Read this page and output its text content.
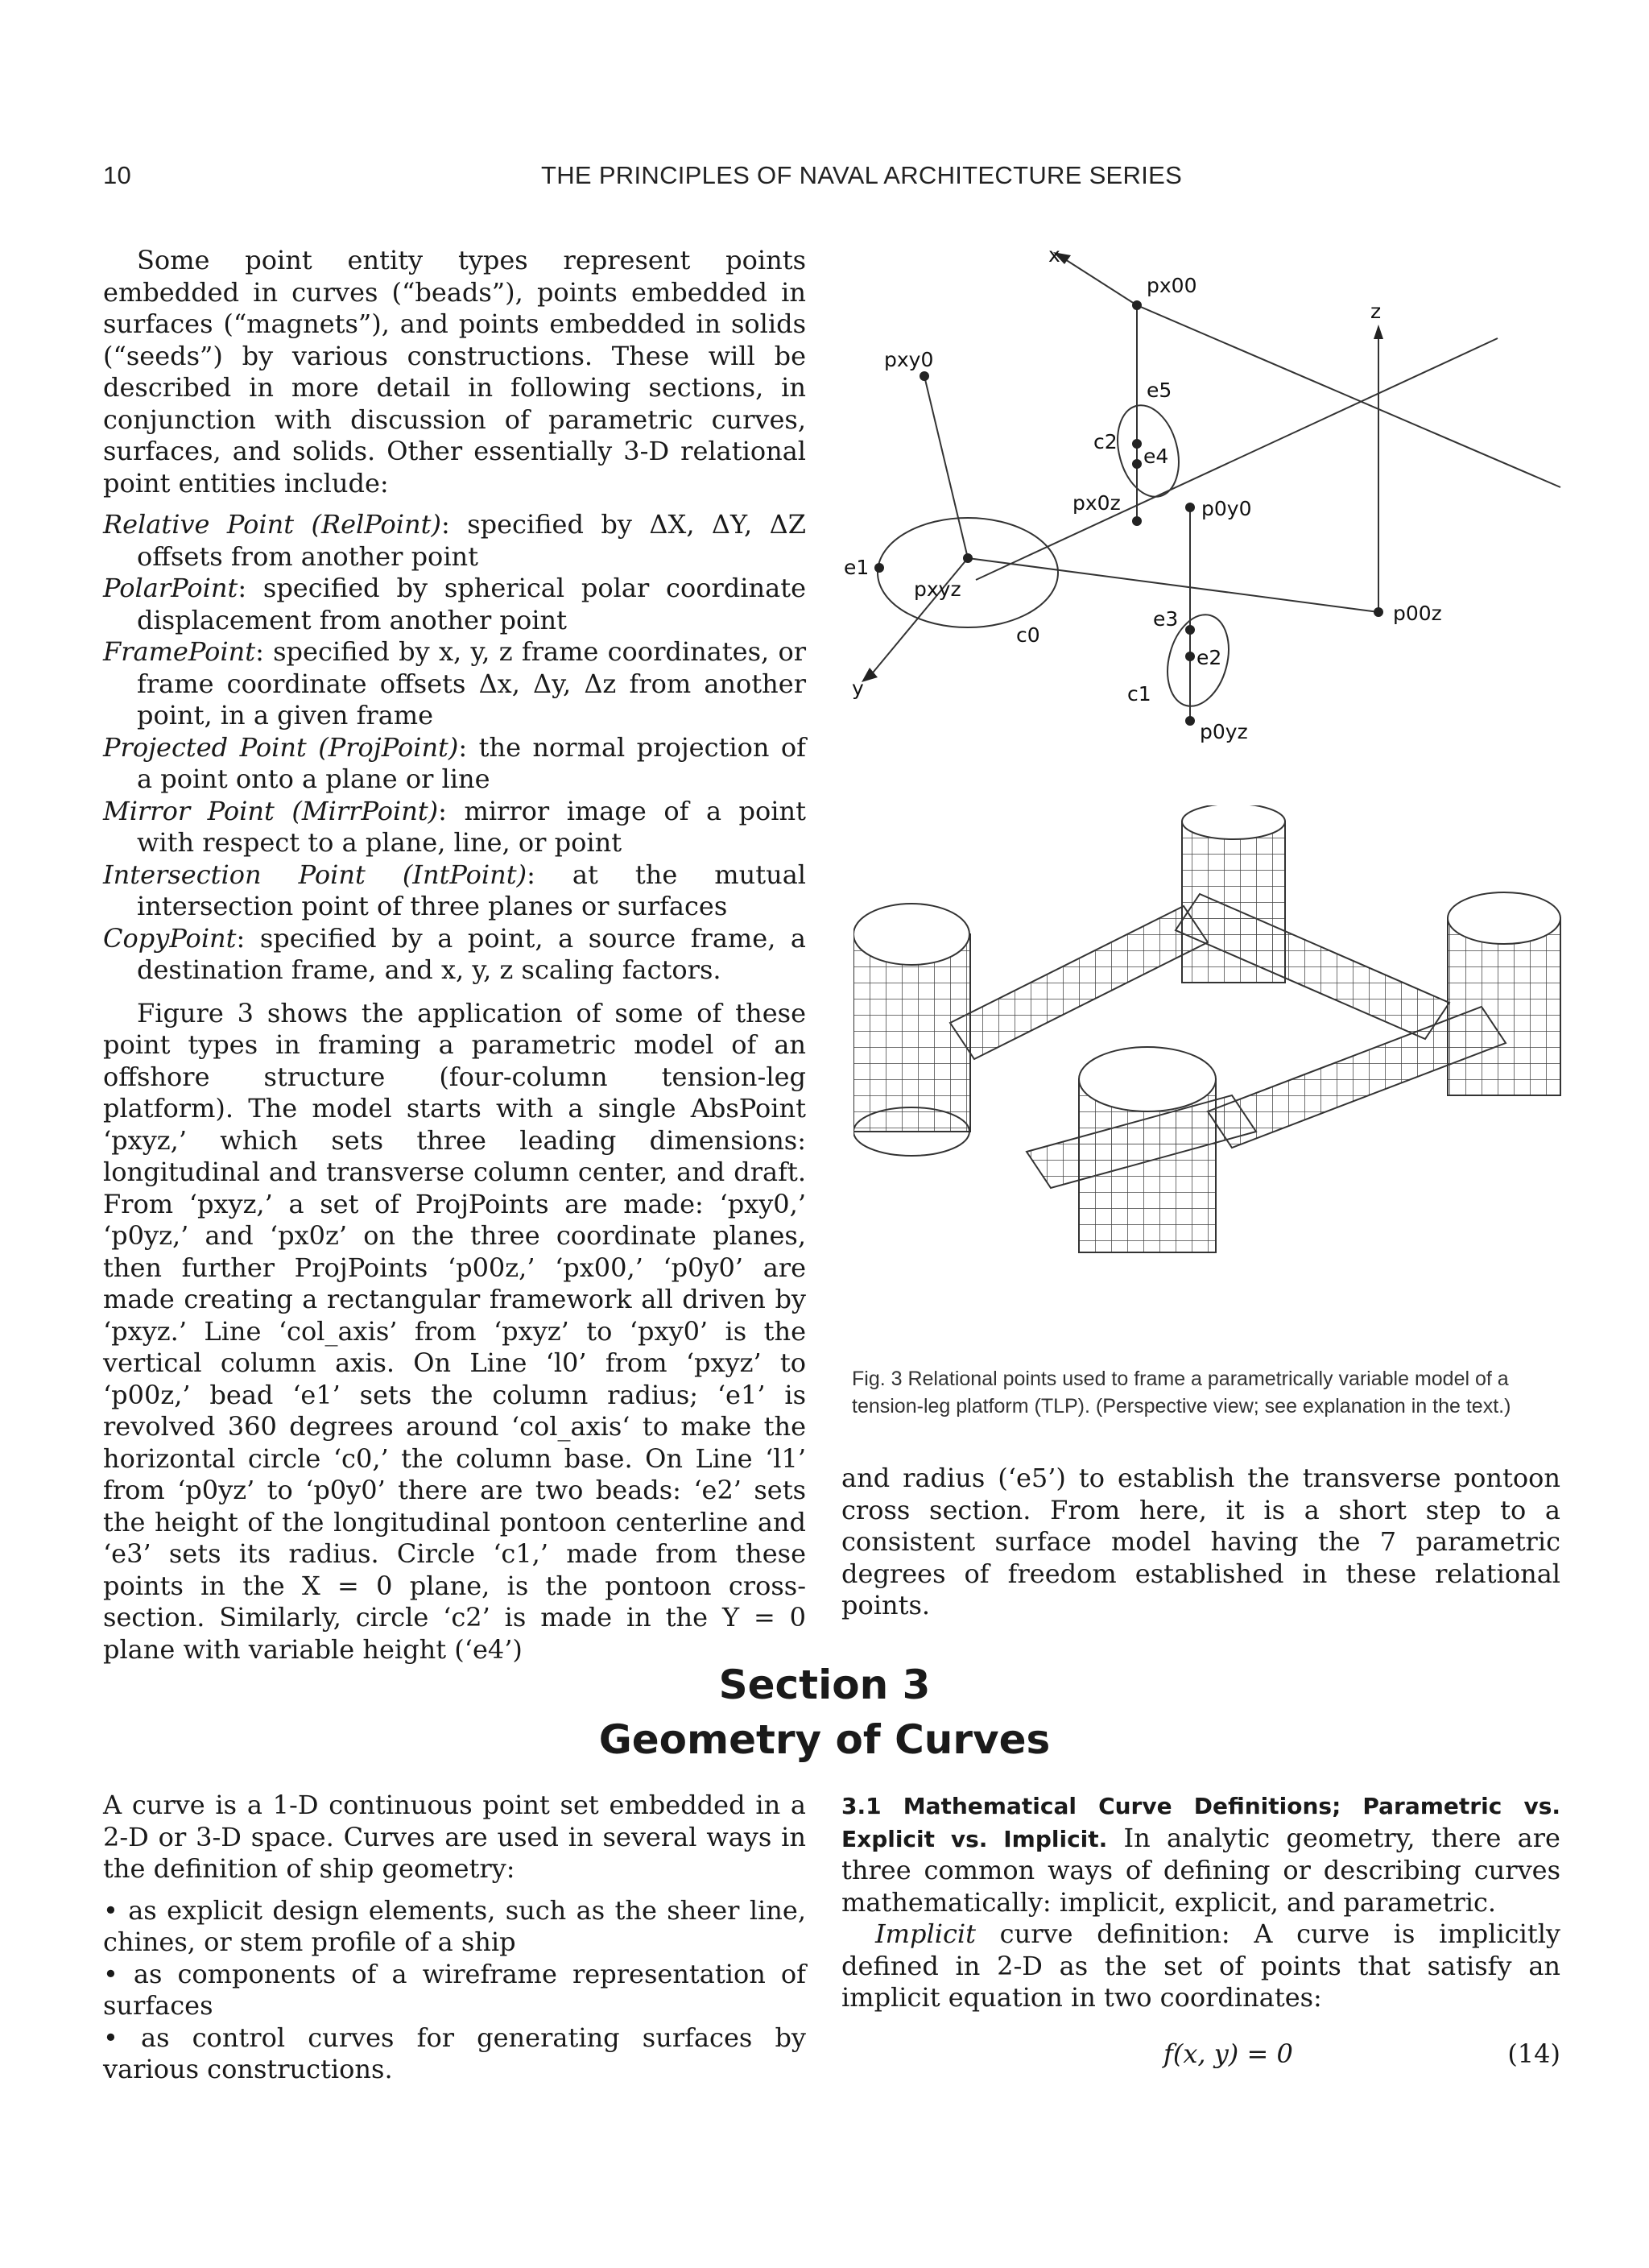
10	THE PRINCIPLES OF NAVAL ARCHITECTURE SERIES

Some point entity types represent points embedded in curves (“beads”), points embedded in surfaces (“magnets”), and points embedded in solids (“seeds”) by various constructions. These will be described in more detail in following sections, in conjunction with discussion of parametric curves, surfaces, and solids. Other essentially 3-D relational point entities include:

Relative Point (RelPoint): specified by ΔX, ΔY, ΔZ offsets from another point

PolarPoint: specified by spherical polar coordinate displacement from another point

FramePoint: specified by x, y, z frame coordinates, or frame coordinate offsets Δx, Δy, Δz from another point, in a given frame

Projected Point (ProjPoint): the normal projection of a point onto a plane or line

Mirror Point (MirrPoint): mirror image of a point with respect to a plane, line, or point

Intersection Point (IntPoint): at the mutual intersection point of three planes or surfaces

CopyPoint: specified by a point, a source frame, a destination frame, and x, y, z scaling factors.

Figure 3 shows the application of some of these point types in framing a parametric model of an offshore structure (four-column tension-leg platform). The model starts with a single AbsPoint ‘pxyz,’ which sets three leading dimensions: longitudinal and transverse column center, and draft. From ‘pxyz,’ a set of ProjPoints are made: ‘pxy0,’ ‘p0yz,’ and ‘px0z’ on the three coordinate planes, then further ProjPoints ‘p00z,’ ‘px00,’ ‘p0y0’ are made creating a rectangular framework all driven by ‘pxyz.’ Line ‘col_axis’ from ‘pxyz’ to ‘pxy0’ is the vertical column axis. On Line ‘l0’ from ‘pxyz’ to ‘p00z,’ bead ‘e1’ sets the column radius; ‘e1’ is revolved 360 degrees around ‘col_axis‘ to make the horizontal circle ‘c0,’ the column base. On Line ‘l1’ from ‘p0yz’ to ‘p0y0’ there are two beads: ‘e2’ sets the height of the longitudinal pontoon centerline and ‘e3’ sets its radius. Circle ‘c1,’ made from these points in the X = 0 plane, is the pontoon cross-section. Similarly, circle ‘c2’ is made in the Y = 0 plane with variable height (‘e4’)

x
y
z
px00
pxy0
e5
c2
e4
px0z	p0y0
e1
pxyz
c0
e3
e2
c1
p0yz
p00z
Fig. 3 Relational points used to frame a parametrically variable model of a tension-leg platform (TLP). (Perspective view; see explanation in the text.)

and radius (‘e5’) to establish the transverse pontoon cross section. From here, it is a short step to a consistent surface model having the 7 parametric degrees of freedom established in these relational points.

Section 3
Geometry of Curves

A curve is a 1-D continuous point set embedded in a 2-D or 3-D space. Curves are used in several ways in the definition of ship geometry:

• as explicit design elements, such as the sheer line, chines, or stem profile of a ship

• as components of a wireframe representation of surfaces

• as control curves for generating surfaces by various constructions.

3.1 Mathematical Curve Definitions; Parametric vs. Explicit vs. Implicit. In analytic geometry, there are three common ways of defining or describing curves mathematically: implicit, explicit, and parametric.

Implicit curve definition: A curve is implicitly defined in 2-D as the set of points that satisfy an implicit equation in two coordinates:

f(x, y) = 0	(14)
